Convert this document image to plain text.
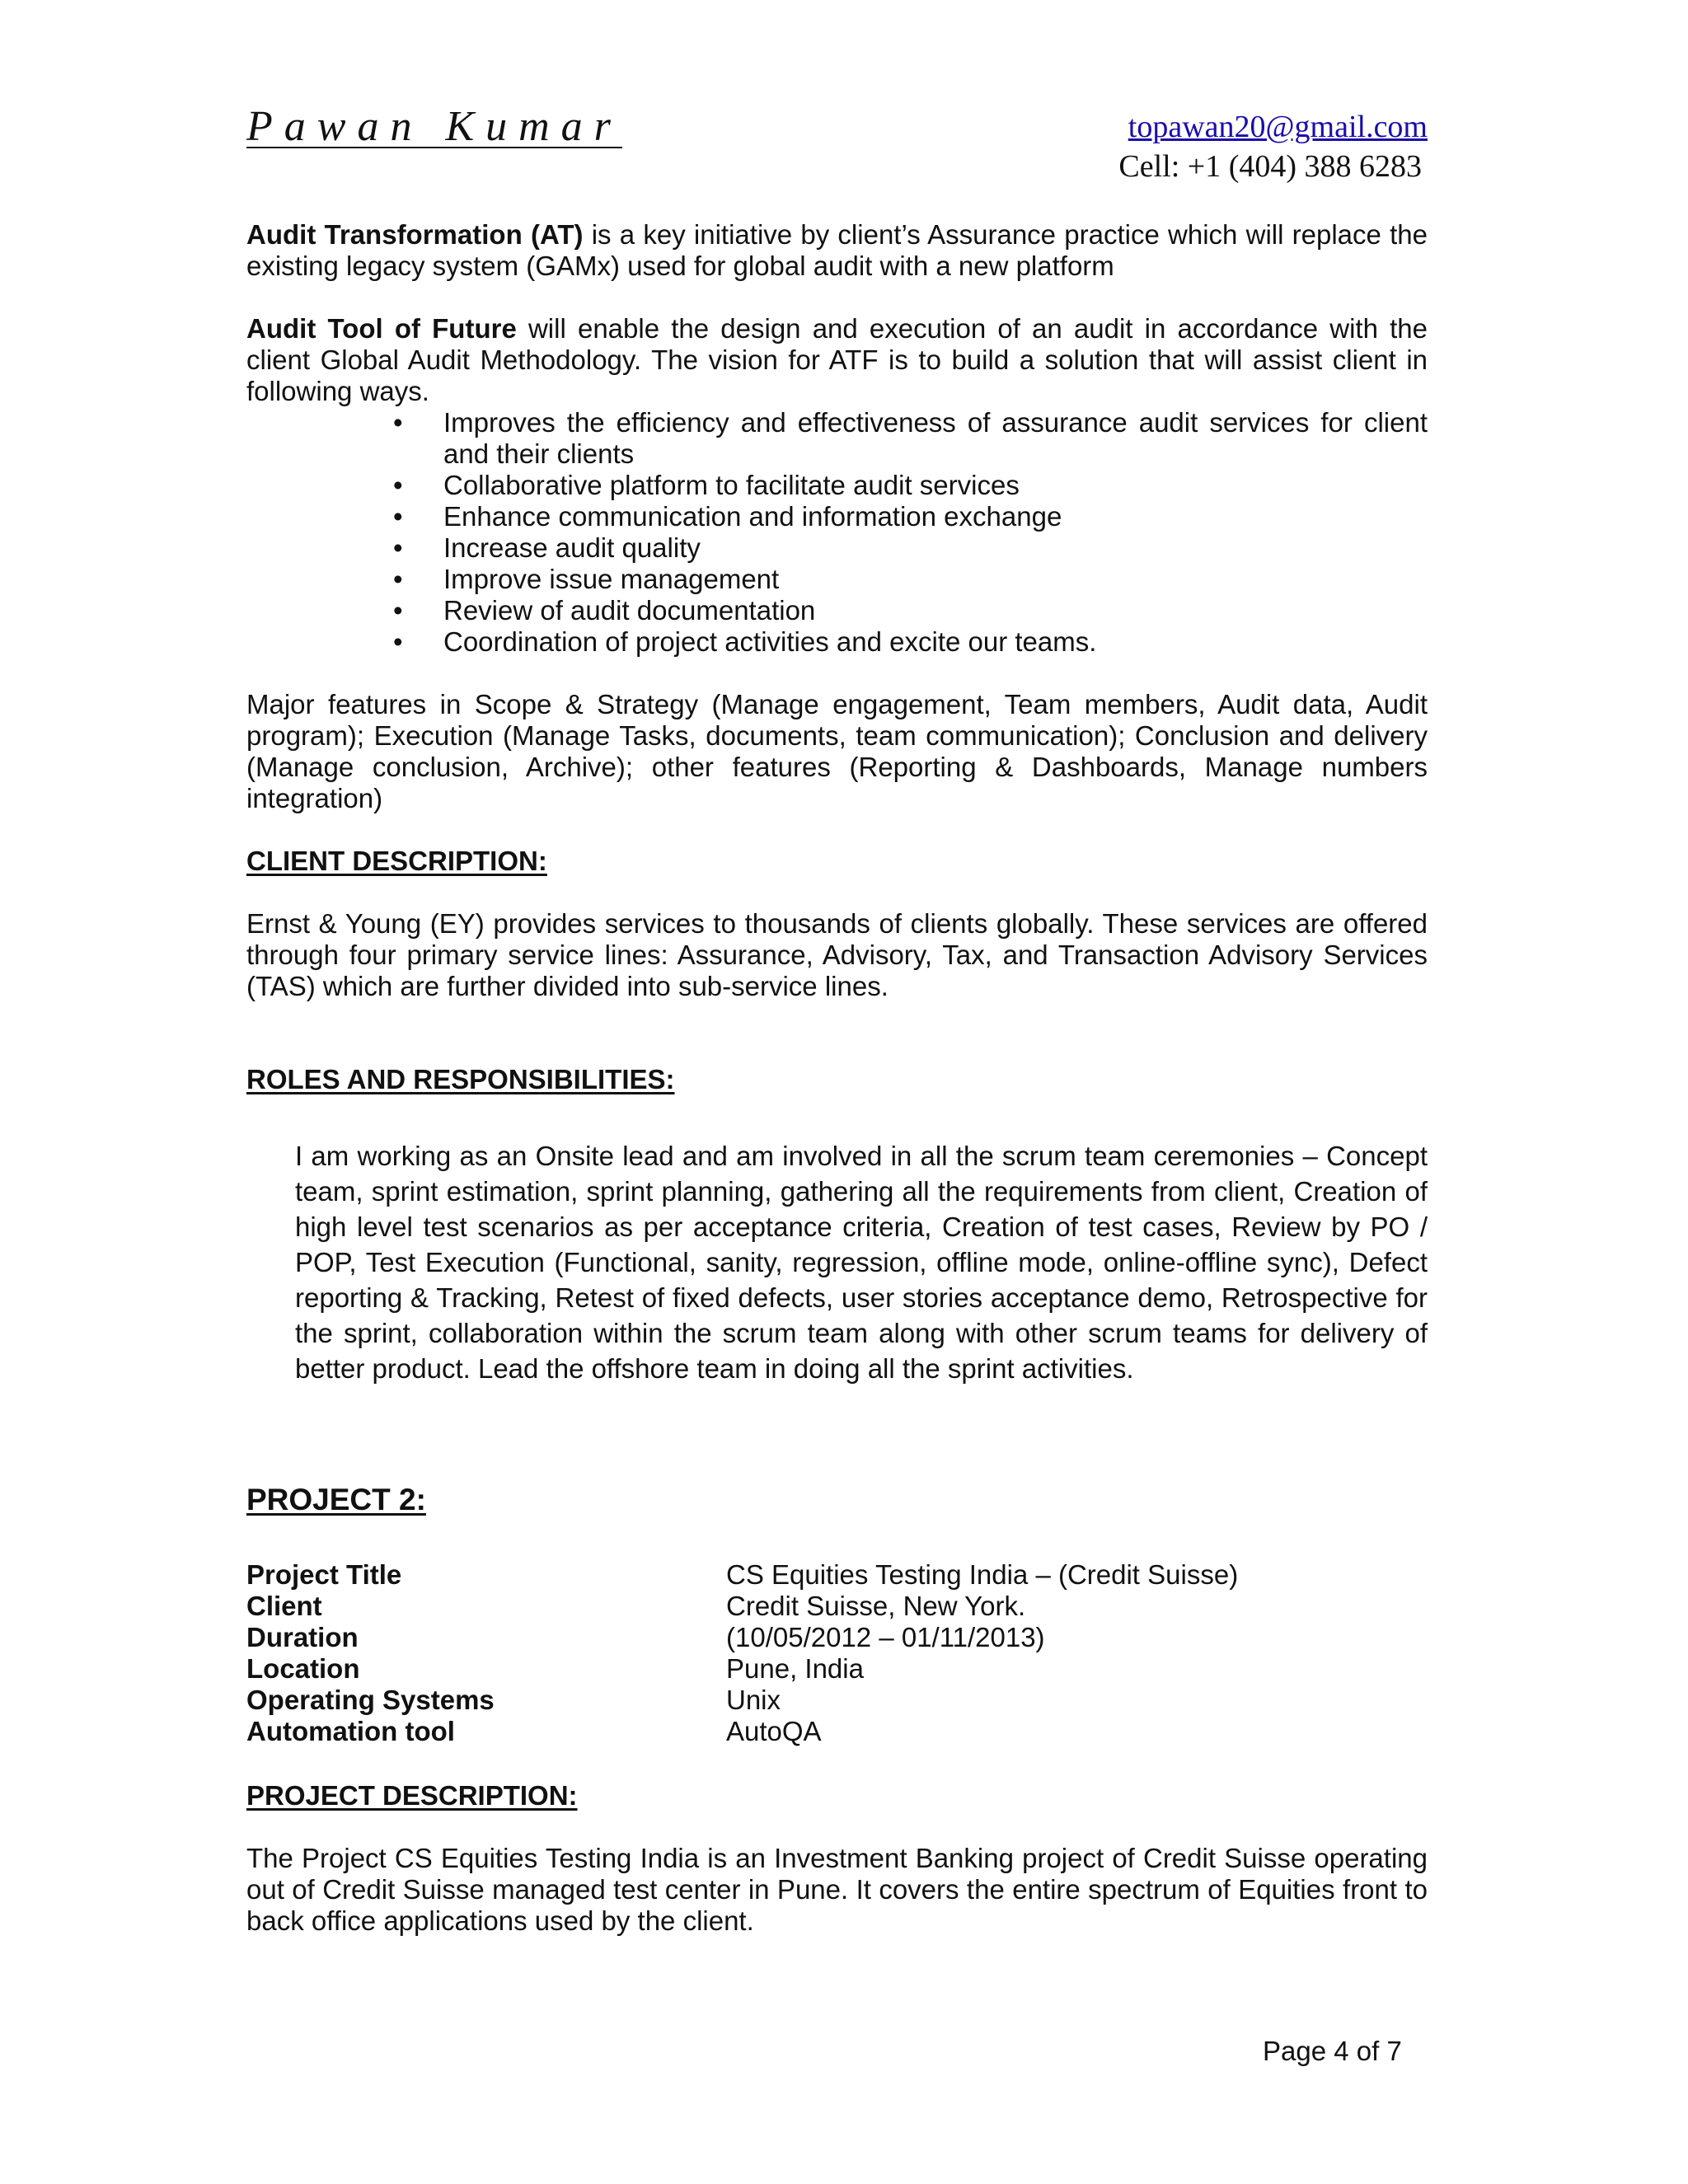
Pawan Kumar	topawan20@gmail.com
Cell: +1 (404) 388 6283

Audit Transformation (AT) is a key initiative by client’s Assurance practice which will replace the existing legacy system (GAMx) used for global audit with a new platform

Audit Tool of Future will enable the design and execution of an audit in accordance with the client Global Audit Methodology. The vision for ATF is to build a solution that will assist client in following ways.

• Improves the efficiency and effectiveness of assurance audit services for client and their clients
• Collaborative platform to facilitate audit services
• Enhance communication and information exchange
• Increase audit quality
• Improve issue management
• Review of audit documentation
• Coordination of project activities and excite our teams.

Major features in Scope & Strategy (Manage engagement, Team members, Audit data, Audit program); Execution (Manage Tasks, documents, team communication); Conclusion and delivery (Manage conclusion, Archive); other features (Reporting & Dashboards, Manage numbers integration)

CLIENT DESCRIPTION:

Ernst & Young (EY) provides services to thousands of clients globally. These services are offered through four primary service lines: Assurance, Advisory, Tax, and Transaction Advisory Services (TAS) which are further divided into sub-service lines.

ROLES AND RESPONSIBILITIES:

I am working as an Onsite lead and am involved in all the scrum team ceremonies – Concept team, sprint estimation, sprint planning, gathering all the requirements from client, Creation of high level test scenarios as per acceptance criteria, Creation of test cases, Review by PO / POP, Test Execution (Functional, sanity, regression, offline mode, online-offline sync), Defect reporting & Tracking, Retest of fixed defects, user stories acceptance demo, Retrospective for the sprint, collaboration within the scrum team along with other scrum teams for delivery of better product. Lead the offshore team in doing all the sprint activities.

PROJECT 2:
Project Title	CS Equities Testing India – (Credit Suisse)
Client	Credit Suisse, New York.
Duration	(10/05/2012 – 01/11/2013)
Location	Pune, India
Operating Systems	Unix
Automation tool	AutoQA
PROJECT DESCRIPTION:

The Project CS Equities Testing India is an Investment Banking project of Credit Suisse operating out of Credit Suisse managed test center in Pune. It covers the entire spectrum of Equities front to back office applications used by the client.

Page 4 of 7
